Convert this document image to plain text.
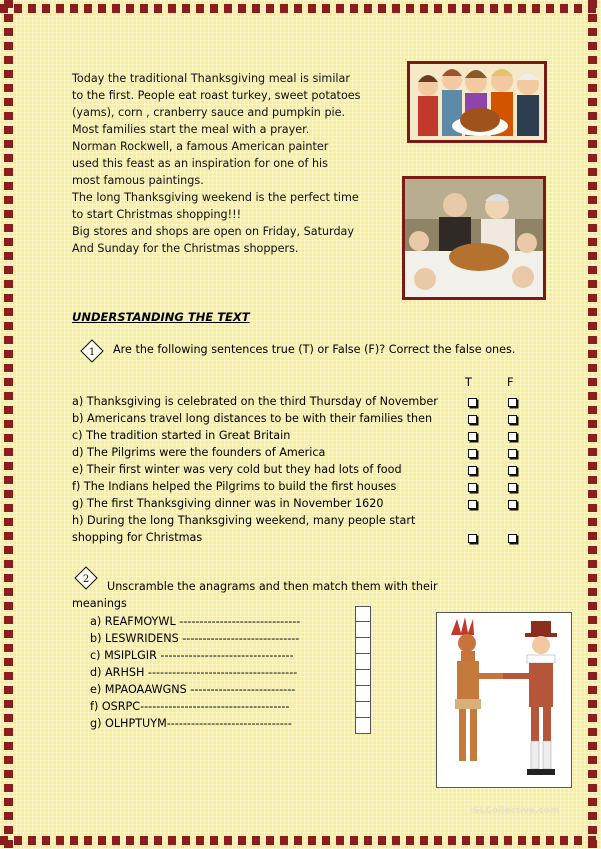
Today the traditional Thanksgiving meal is similar
to the first. People eat roast turkey, sweet potatoes
(yams), corn , cranberry sauce and pumpkin pie.
Most families start the meal with a prayer.
Norman Rockwell, a famous American painter
used this feast as an inspiration for one of his
most famous paintings.
The long Thanksgiving weekend is the perfect time
to start Christmas shopping!!!
Big stores and shops are open on Friday, Saturday
And Sunday for the Christmas shoppers.
UNDERSTANDING THE TEXT
1 Are the following sentences true (T) or False (F)? Correct the false ones.
T	F
a) Thanksgiving is celebrated on the third Thursday of November
b) Americans travel long distances to be with their families then
c) The tradition started in Great Britain
d) The Pilgrims were the founders of America
e) Their first winter was very cold but they had lots of food
f) The Indians helped the Pilgrims to build the first houses
g) The first Thanksgiving dinner was in November 1620
h) During the long Thanksgiving weekend, many people start
shopping for Christmas
2
Unscramble the anagrams and then match them with their
meanings
a) REAFMOYWL ------------------------------
b) LESWRIDENS -----------------------------
c) MSIPLGIR ---------------------------------
d) ARHSH -------------------------------------
e) MPAOAAWGNS --------------------------
f) OSRPC-------------------------------------
g) OLHPTUYM-------------------------------
iSLCollective.com
